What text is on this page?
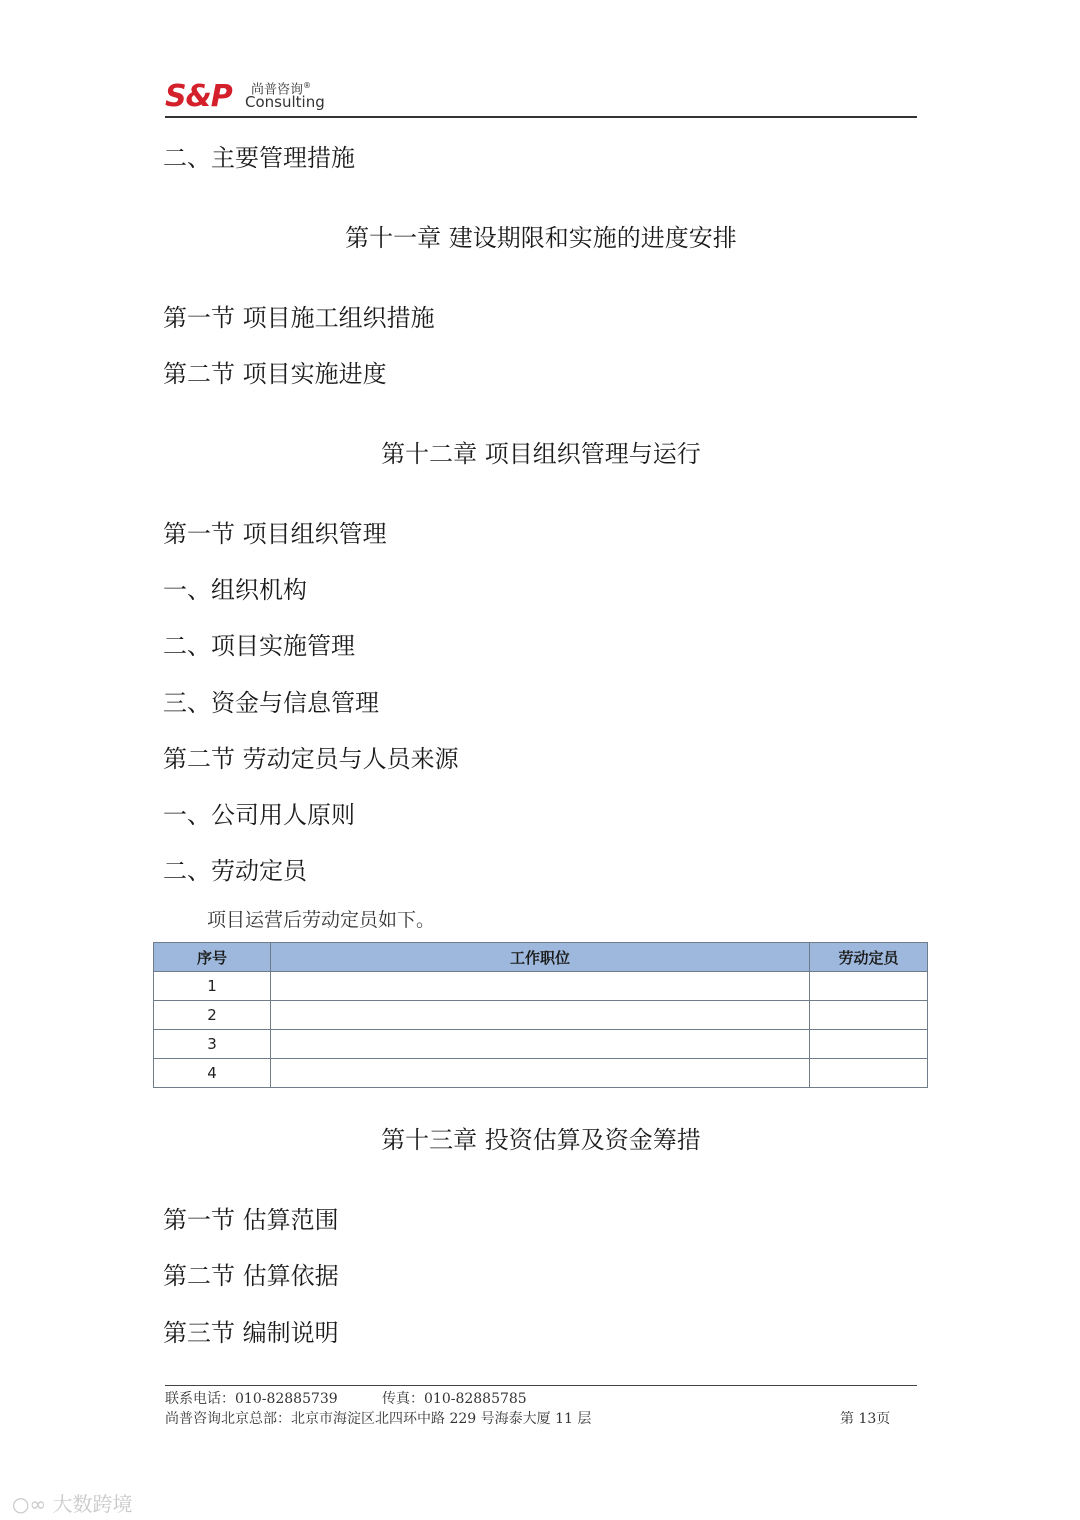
S&P 尚普咨询®
Consulting
二、主要管理措施
第十一章 建设期限和实施的进度安排
第一节 项目施工组织措施
第二节 项目实施进度
第十二章 项目组织管理与运行
第一节 项目组织管理
一、组织机构
二、项目实施管理
三、资金与信息管理
第二节 劳动定员与人员来源
一、公司用人原则
二、劳动定员
项目运营后劳动定员如下。
序号	工作职位	劳动定员
1		
2		
3		
4		
第十三章 投资估算及资金筹措
第一节 估算范围
第二节 估算依据
第三节 编制说明
联系电话：010-82885739	传真：010-82885785
尚普咨询北京总部：北京市海淀区北四环中路 229 号海泰大厦 11 层	第 13页
○∞ 大数跨境
